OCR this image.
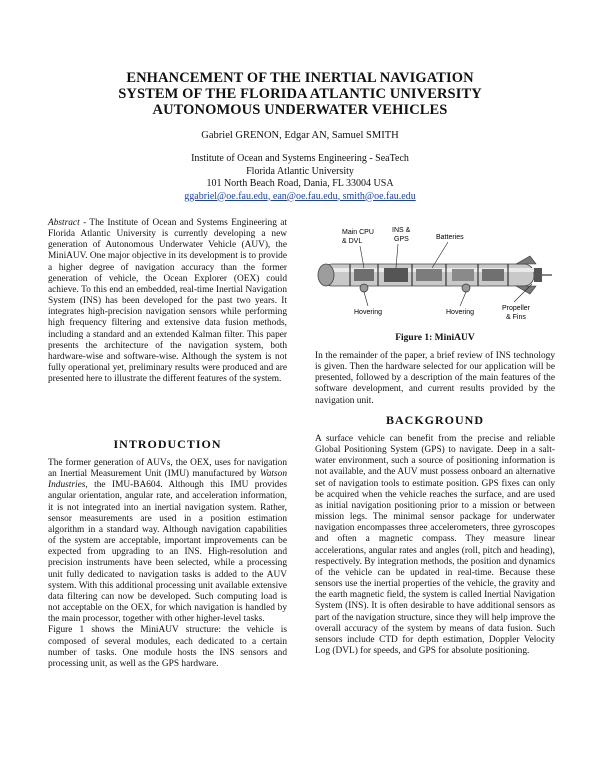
ENHANCEMENT OF THE INERTIAL NAVIGATION
SYSTEM OF THE FLORIDA ATLANTIC UNIVERSITY
AUTONOMOUS UNDERWATER VEHICLES
Gabriel GRENON, Edgar AN, Samuel SMITH
Institute of Ocean and Systems Engineering - SeaTech
Florida Atlantic University
101 North Beach Road, Dania, FL 33004 USA
ggabriel@oe.fau.edu, ean@oe.fau.edu, smith@oe.fau.edu

Abstract - The Institute of Ocean and Systems Engineering at Florida Atlantic University is currently developing a new generation of Autonomous Underwater Vehicle (AUV), the MiniAUV. One major objective in its development is to provide a higher degree of navigation accuracy than the former generation of vehicle, the Ocean Explorer (OEX) could achieve. To this end an embedded, real-time Inertial Navigation System (INS) has been developed for the past two years. It integrates high-precision navigation sensors while performing high frequency filtering and extensive data fusion methods, including a standard and an extended Kalman filter. This paper presents the architecture of the navigation system, both hardware-wise and software-wise. Although the system is not fully operational yet, preliminary results were produced and are presented here to illustrate the different features of the system.

INTRODUCTION

The former generation of AUVs, the OEX, uses for navigation an Inertial Measurement Unit (IMU) manufactured by Watson Industries, the IMU-BA604. Although this IMU provides angular orientation, angular rate, and acceleration information, it is not integrated into an inertial navigation system. Rather, sensor measurements are used in a position estimation algorithm in a standard way. Although navigation capabilities of the system are acceptable, important improvements can be expected from upgrading to an INS. High-resolution and precision instruments have been selected, while a processing unit fully dedicated to navigation tasks is added to the AUV system. With this additional processing unit available extensive data filtering can now be developed. Such computing load is not acceptable on the OEX, for which navigation is handled by the main processor, together with other higher-level tasks.

Figure 1 shows the MiniAUV structure: the vehicle is composed of several modules, each dedicated to a certain number of tasks. One module hosts the INS sensors and processing unit, as well as the GPS hardware.

Main CPU
& DVL
INS &
GPS	Batteries
Hovering	Hovering
Propeller
& Fins
Figure 1: MiniAUV
In the remainder of the paper, a brief review of INS technology is given. Then the hardware selected for our application will be presented, followed by a description of the main features of the software development, and current results provided by the navigation unit.
BACKGROUND
A surface vehicle can benefit from the precise and reliable Global Positioning System (GPS) to navigate. Deep in a salt-water environment, such a source of positioning information is not available, and the AUV must possess onboard an alternative set of navigation tools to estimate position. GPS fixes can only be acquired when the vehicle reaches the surface, and are used as initial navigation positioning prior to a mission or between mission legs. The minimal sensor package for underwater navigation encompasses three accelerometers, three gyroscopes and often a magnetic compass. They measure linear accelerations, angular rates and angles (roll, pitch and heading), respectively. By integration methods, the position and dynamics of the vehicle can be updated in real-time. Because these sensors use the inertial properties of the vehicle, the gravity and the earth magnetic field, the system is called Inertial Navigation System (INS). It is often desirable to have additional sensors as part of the navigation structure, since they will help improve the overall accuracy of the system by means of data fusion. Such sensors include CTD for depth estimation, Doppler Velocity Log (DVL) for speeds, and GPS for absolute positioning.
